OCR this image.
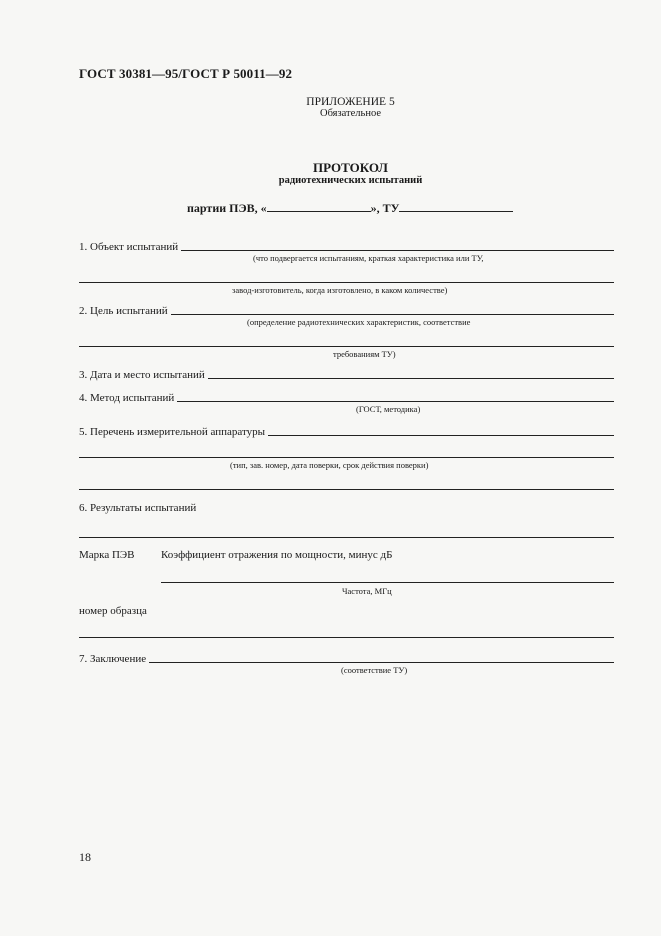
ГОСТ 30381—95/ГОСТ Р 50011—92
ПРИЛОЖЕНИЕ 5
Обязательное
ПРОТОКОЛ
радиотехнических испытаний
партии ПЭВ, «	», ТУ
1. Объект испытаний
(что подвергается испытаниям, краткая характеристика или ТУ,
завод-изготовитель, когда изготовлено, в каком количестве)
2. Цель испытаний
(определение радиотехнических характеристик, соответствие
требованиям ТУ)
3. Дата и место испытаний
4. Метод испытаний
(ГОСТ, методика)
5. Перечень измерительной аппаратуры
(тип, зав. номер, дата поверки, срок действия поверки)
6. Результаты испытаний
Марка ПЭВ Коэффициент отражения по мощности, минус дБ
Частота, МГц
номер образца
7. Заключение
(соответствие ТУ)
18
